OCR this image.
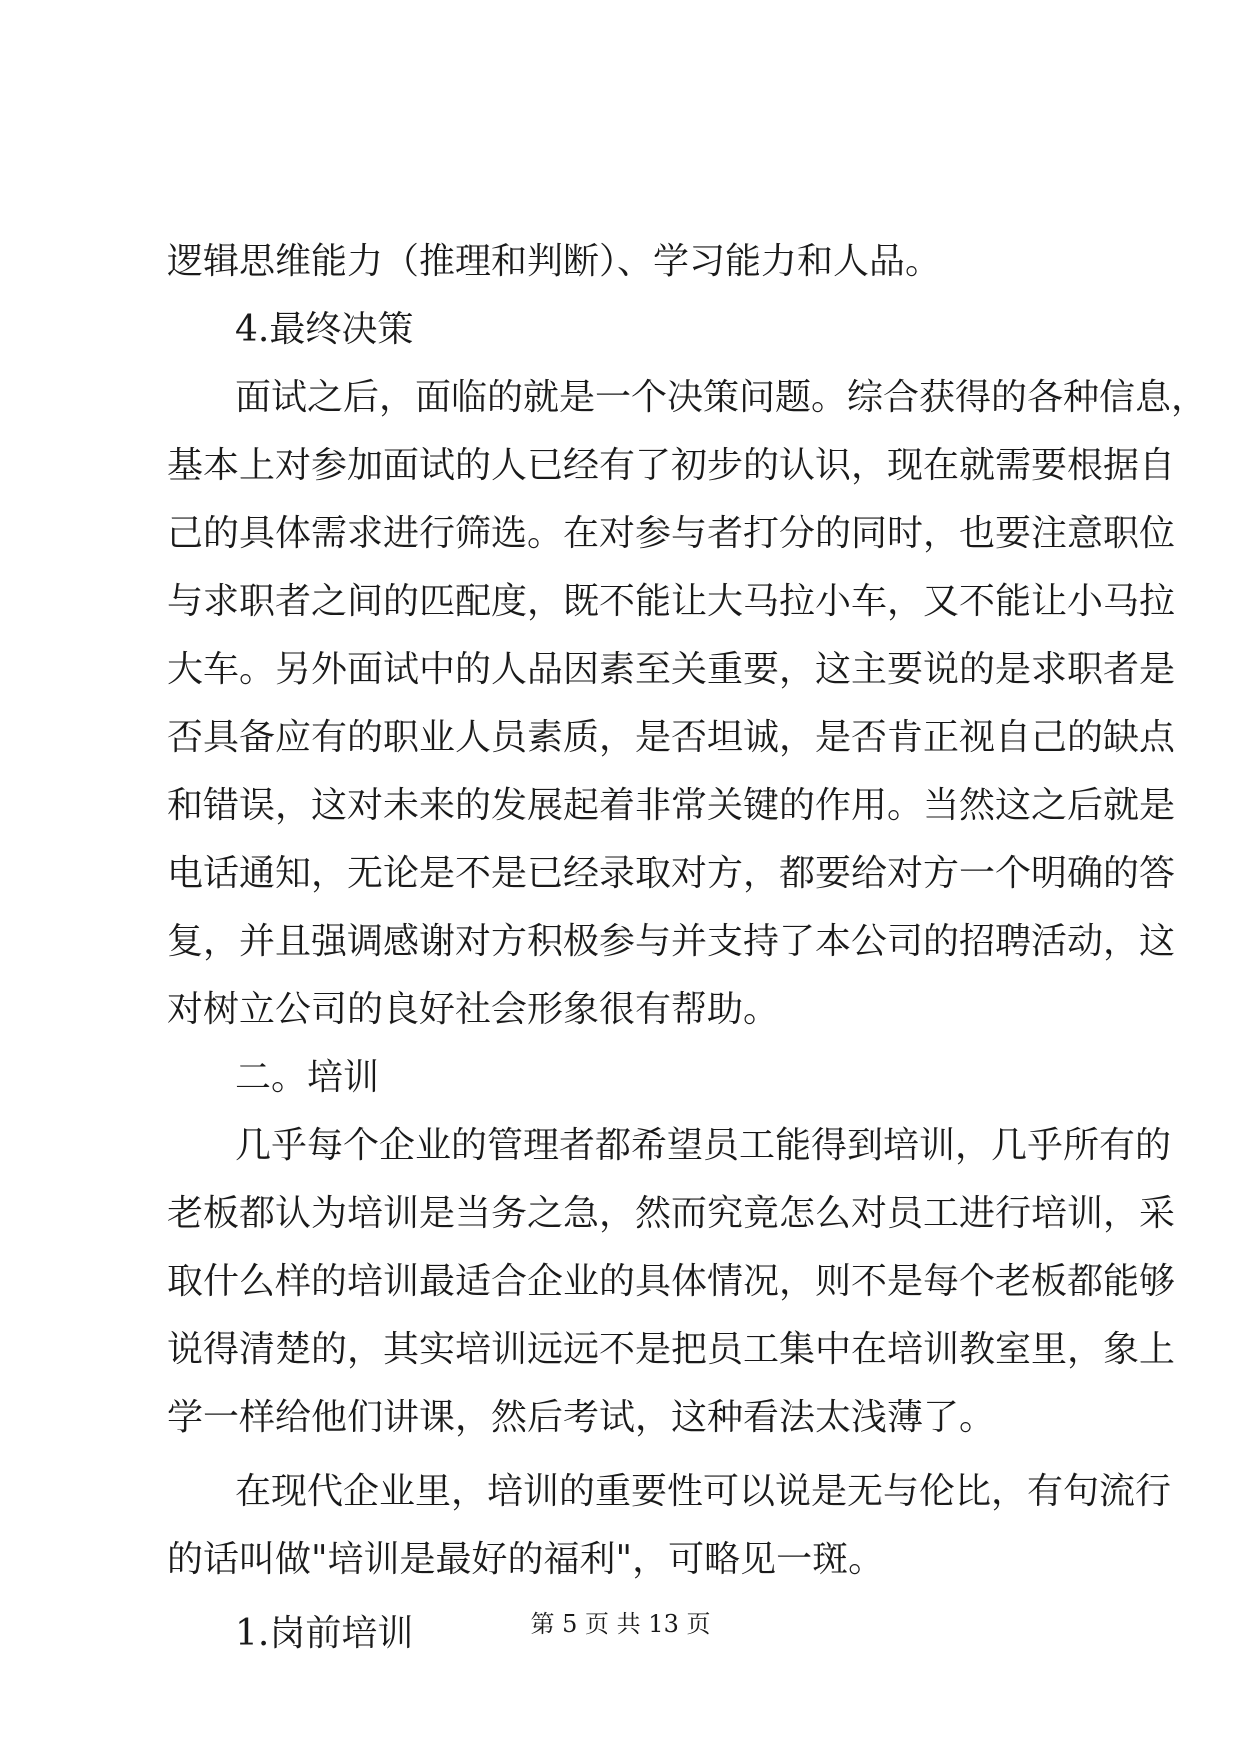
逻辑思维能力（推理和判断）、学习能力和人品。
4.最终决策
面试之后，面临的就是一个决策问题。综合获得的各种信息，
基本上对参加面试的人已经有了初步的认识，现在就需要根据自
己的具体需求进行筛选。在对参与者打分的同时，也要注意职位
与求职者之间的匹配度，既不能让大马拉小车，又不能让小马拉
大车。另外面试中的人品因素至关重要，这主要说的是求职者是
否具备应有的职业人员素质，是否坦诚，是否肯正视自己的缺点
和错误，这对未来的发展起着非常关键的作用。当然这之后就是
电话通知，无论是不是已经录取对方，都要给对方一个明确的答
复，并且强调感谢对方积极参与并支持了本公司的招聘活动，这
对树立公司的良好社会形象很有帮助。
二。培训
几乎每个企业的管理者都希望员工能得到培训，几乎所有的
老板都认为培训是当务之急，然而究竟怎么对员工进行培训，采
取什么样的培训最适合企业的具体情况，则不是每个老板都能够
说得清楚的，其实培训远远不是把员工集中在培训教室里，象上
学一样给他们讲课，然后考试，这种看法太浅薄了。
在现代企业里，培训的重要性可以说是无与伦比，有句流行
的话叫做"培训是最好的福利"，可略见一斑。
1.岗前培训	第 5 页 共 13 页
